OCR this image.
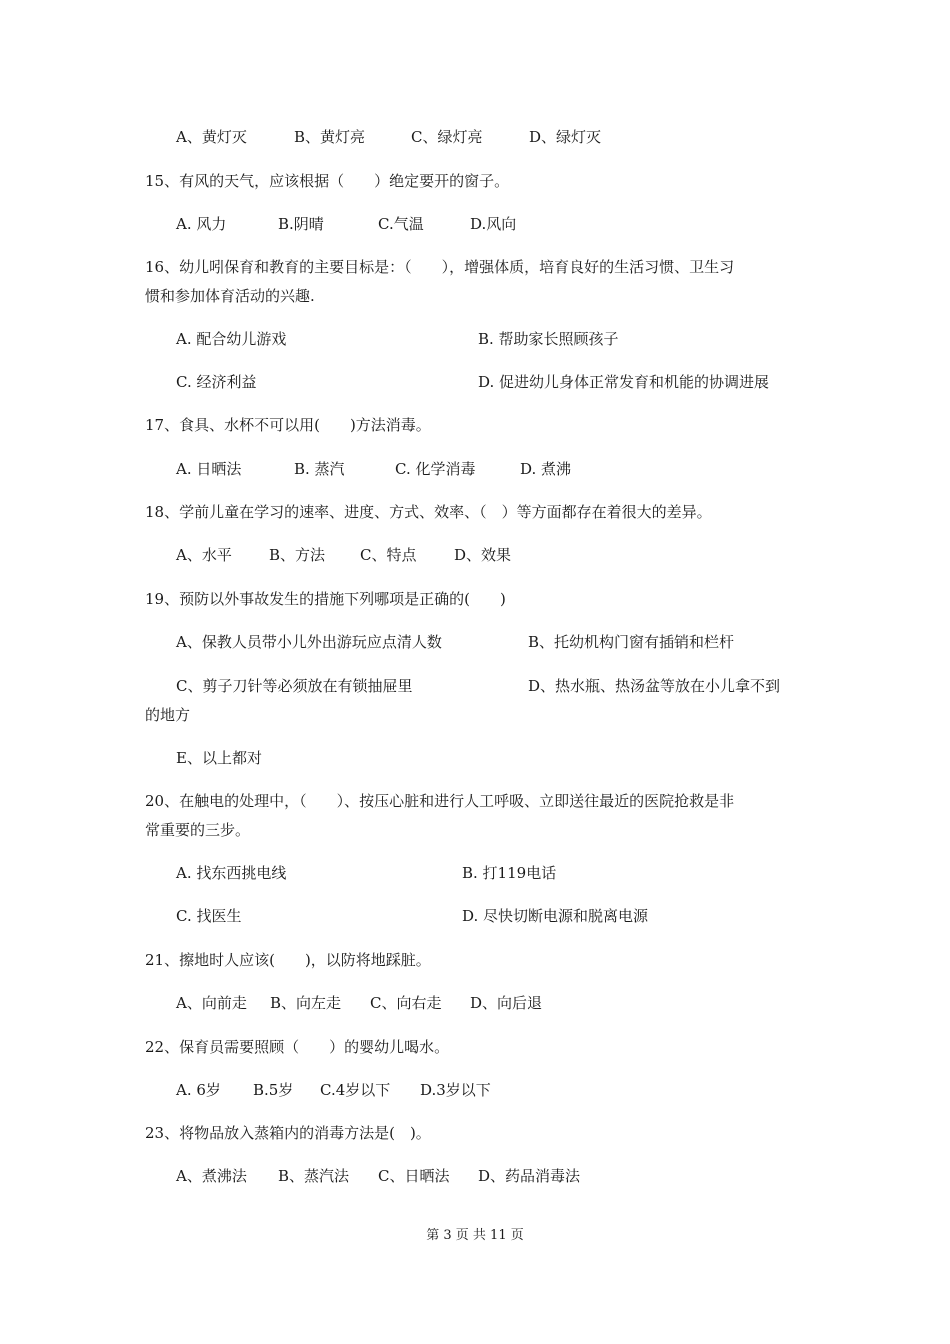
A、黄灯灭	B、黄灯亮	C、绿灯亮	D、绿灯灭
15、有风的天气，应该根据（　　）绝定要开的窗子。
A. 风力	B.阴晴	C.气温	D.风向
16、幼儿吲保育和教育的主要目标是：（　　），增强体质，培育良好的生活习惯、卫生习
惯和参加体育活动的兴趣.
A. 配合幼儿游戏	B. 帮助家长照顾孩子
C. 经济利益	D. 促进幼儿身体正常发育和机能的协调进展
17、食具、水杯不可以用(　　)方法消毒。
A. 日晒法	B. 蒸汽	C. 化学消毒	D. 煮沸
18、学前儿童在学习的速率、进度、方式、效率、（　）等方面都存在着很大的差异。
A、水平 B、方法 C、特点	D、效果
19、预防以外事故发生的措施下列哪项是正确的(　　)
A、保教人员带小儿外出游玩应点清人数	B、托幼机构门窗有插销和栏杆
C、剪子刀针等必须放在有锁抽屉里	D、热水瓶、热汤盆等放在小儿拿不到
的地方
E、以上都对
20、在触电的处理中，（　　）、按压心脏和进行人工呼吸、立即送往最近的医院抢救是非
常重要的三步。
A. 找东西挑电线	B. 打119电话
C. 找医生	D. 尽快切断电源和脱离电源
21、擦地时人应该(　　)，以防将地踩脏。
A、向前走 B、向左走 C、向右走 D、向后退
22、保育员需要照顾（　　）的婴幼儿喝水。
A. 6岁 B.5岁 C.4岁以下 D.3岁以下
23、将物品放入蒸箱内的消毒方法是(　)。
A、煮沸法 B、蒸汽法 C、日晒法 D、药品消毒法
第 3 页 共 11 页
